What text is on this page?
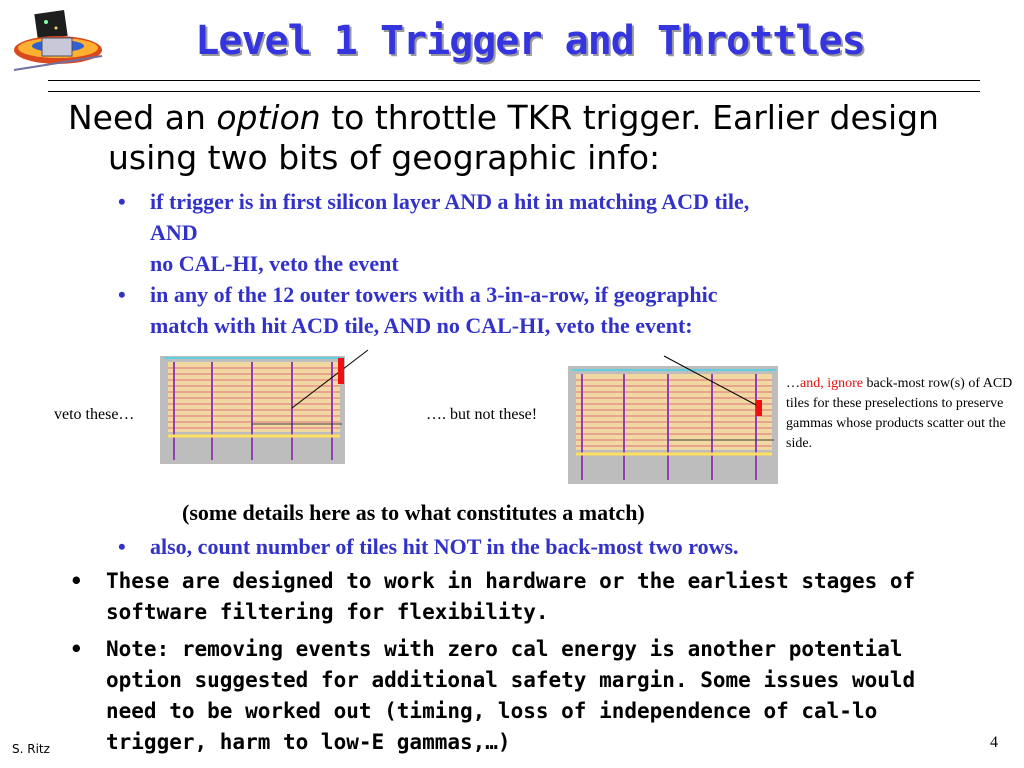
Level 1 Trigger and Throttles
Need an option to throttle TKR trigger. Earlier design using two bits of geographic info:
• if trigger is in first silicon layer AND a hit in matching ACD tile,
AND
no CAL-HI, veto the event
• in any of the 12 outer towers with a 3-in-a-row, if geographic
match with hit ACD tile, AND no CAL-HI, veto the event:
veto these…	…. but not these!
…and, ignore back-most row(s) of ACD tiles for these preselections to preserve gammas whose products scatter out the side.
(some details here as to what constitutes a match)
• also, count number of tiles hit NOT in the back-most two rows.
• These are designed to work in hardware or the earliest stages of software filtering for flexibility.
• Note: removing events with zero cal energy is another potential option suggested for additional safety margin. Some issues would need to be worked out (timing, loss of independence of cal-lo trigger, harm to low-E gammas,…)
S. Ritz	4
